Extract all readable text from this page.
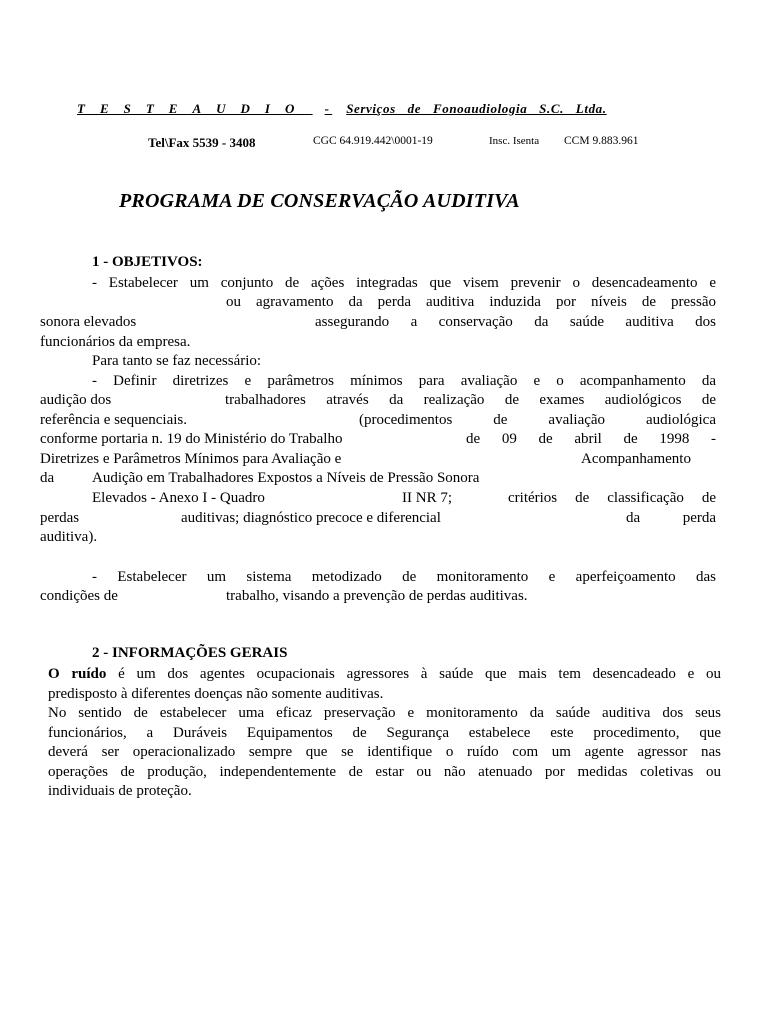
TESTEAUDIO - Serviços de Fonoaudiologia S.C. Ltda.
Tel\Fax 5539 - 3408	CGC 64.919.442\0001-19	Insc. Isenta CCM 9.883.961
PROGRAMA DE CONSERVAÇÃO AUDITIVA
1 - OBJETIVOS:
- Estabelecer um conjunto de ações integradas que visem prevenir o desencadeamento e
ou agravamento da perda auditiva induzida por níveis de pressão
sonora elevados	assegurando a conservação da saúde auditiva dos
funcionários da empresa.
Para tanto se faz necessário:
- Definir diretrizes e parâmetros mínimos para avaliação e o acompanhamento da
audição dos	trabalhadores através da realização de exames audiológicos de
referência e sequenciais.	(procedimentos de avaliação audiológica
conforme portaria n. 19 do Ministério do Trabalho	de 09 de abril de 1998 -
Diretrizes e Parâmetros Mínimos para Avaliação e	Acompanhamento
da	Audição em Trabalhadores Expostos a Níveis de Pressão Sonora
Elevados - Anexo I - Quadro	II NR 7;	critérios de classificação de
perdas	auditivas; diagnóstico precoce e diferencial	da perda
auditiva).
- Estabelecer um sistema metodizado de monitoramento e aperfeiçoamento das
condições de	trabalho, visando a prevenção de perdas auditivas.
2 - INFORMAÇÕES GERAIS
O ruído é um dos agentes ocupacionais agressores à saúde que mais tem desencadeado e ou
predisposto à diferentes doenças não somente auditivas.
No sentido de estabelecer uma eficaz preservação e monitoramento da saúde auditiva dos seus
funcionários, a Duráveis Equipamentos de Segurança estabelece este procedimento, que
deverá ser operacionalizado sempre que se identifique o ruído com um agente agressor nas
operações de produção, independentemente de estar ou não atenuado por medidas coletivas ou
individuais de proteção.
